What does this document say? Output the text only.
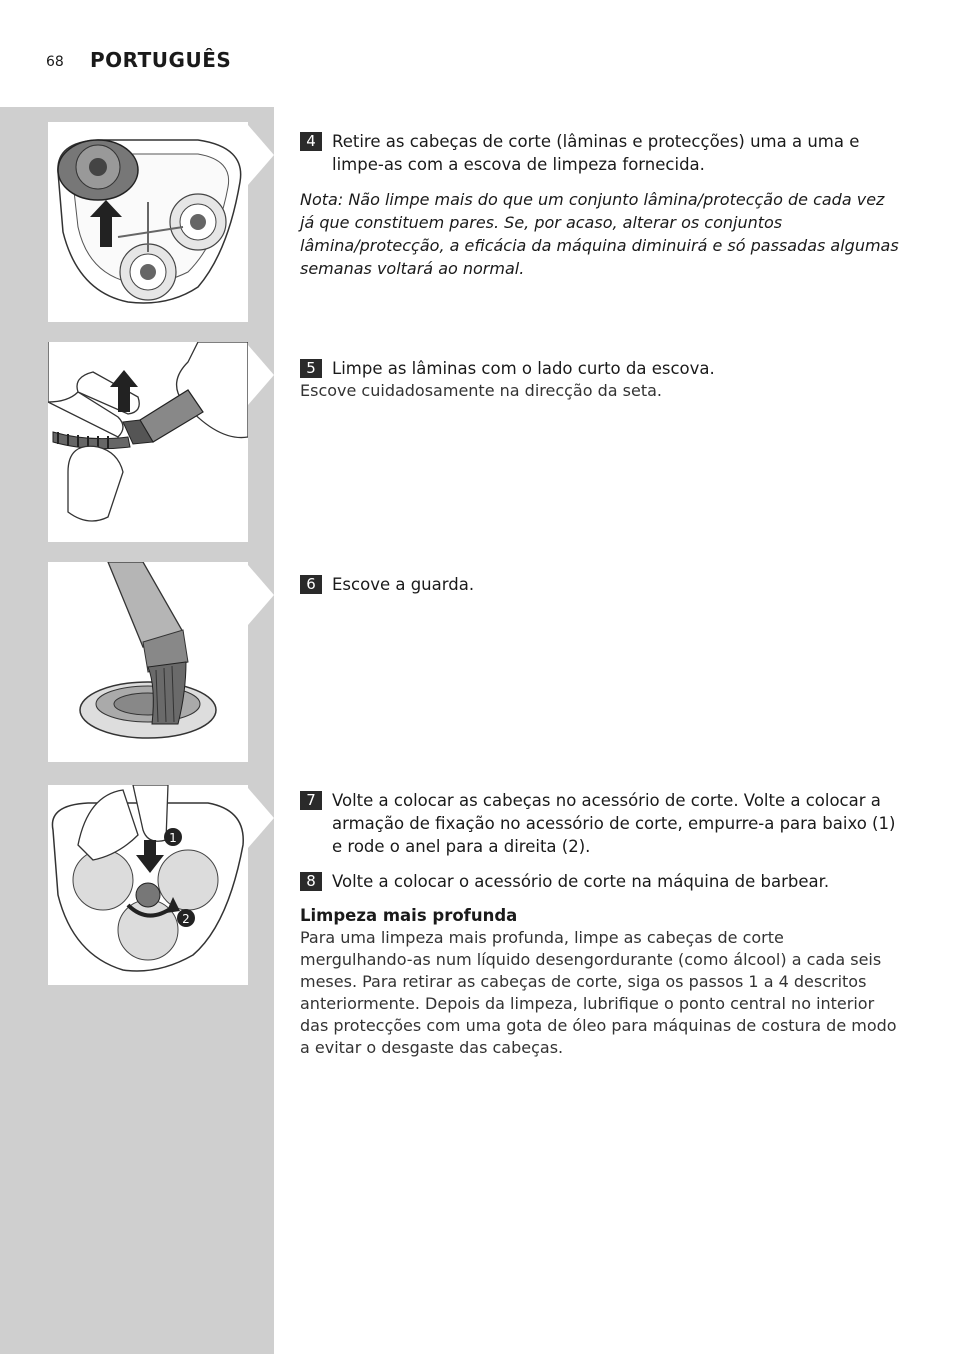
68 PORTUGUÊS
1
2
4 Retire as cabeças de corte (lâminas e protecções) uma a uma e limpe-as com a escova de limpeza fornecida.
Nota: Não limpe mais do que um conjunto lâmina/protecção de cada vez já que constituem pares. Se, por acaso, alterar os conjuntos lâmina/protecção, a eficácia da máquina diminuirá e só passadas algumas semanas voltará ao normal.
5 Limpe as lâminas com o lado curto da escova.
Escove cuidadosamente na direcção da seta.
6 Escove a guarda.
7 Volte a colocar as cabeças no acessório de corte. Volte a colocar a armação de fixação no acessório de corte, empurre-a para baixo (1) e rode o anel para a direita (2).
8 Volte a colocar o acessório de corte na máquina de barbear.
Limpeza mais profunda
Para uma limpeza mais profunda, limpe as cabeças de corte mergulhando-as num líquido desengordurante (como álcool) a cada seis meses. Para retirar as cabeças de corte, siga os passos 1 a 4 descritos anteriormente. Depois da limpeza, lubrifique o ponto central no interior das protecções com uma gota de óleo para máquinas de costura de modo a evitar o desgaste das cabeças.
